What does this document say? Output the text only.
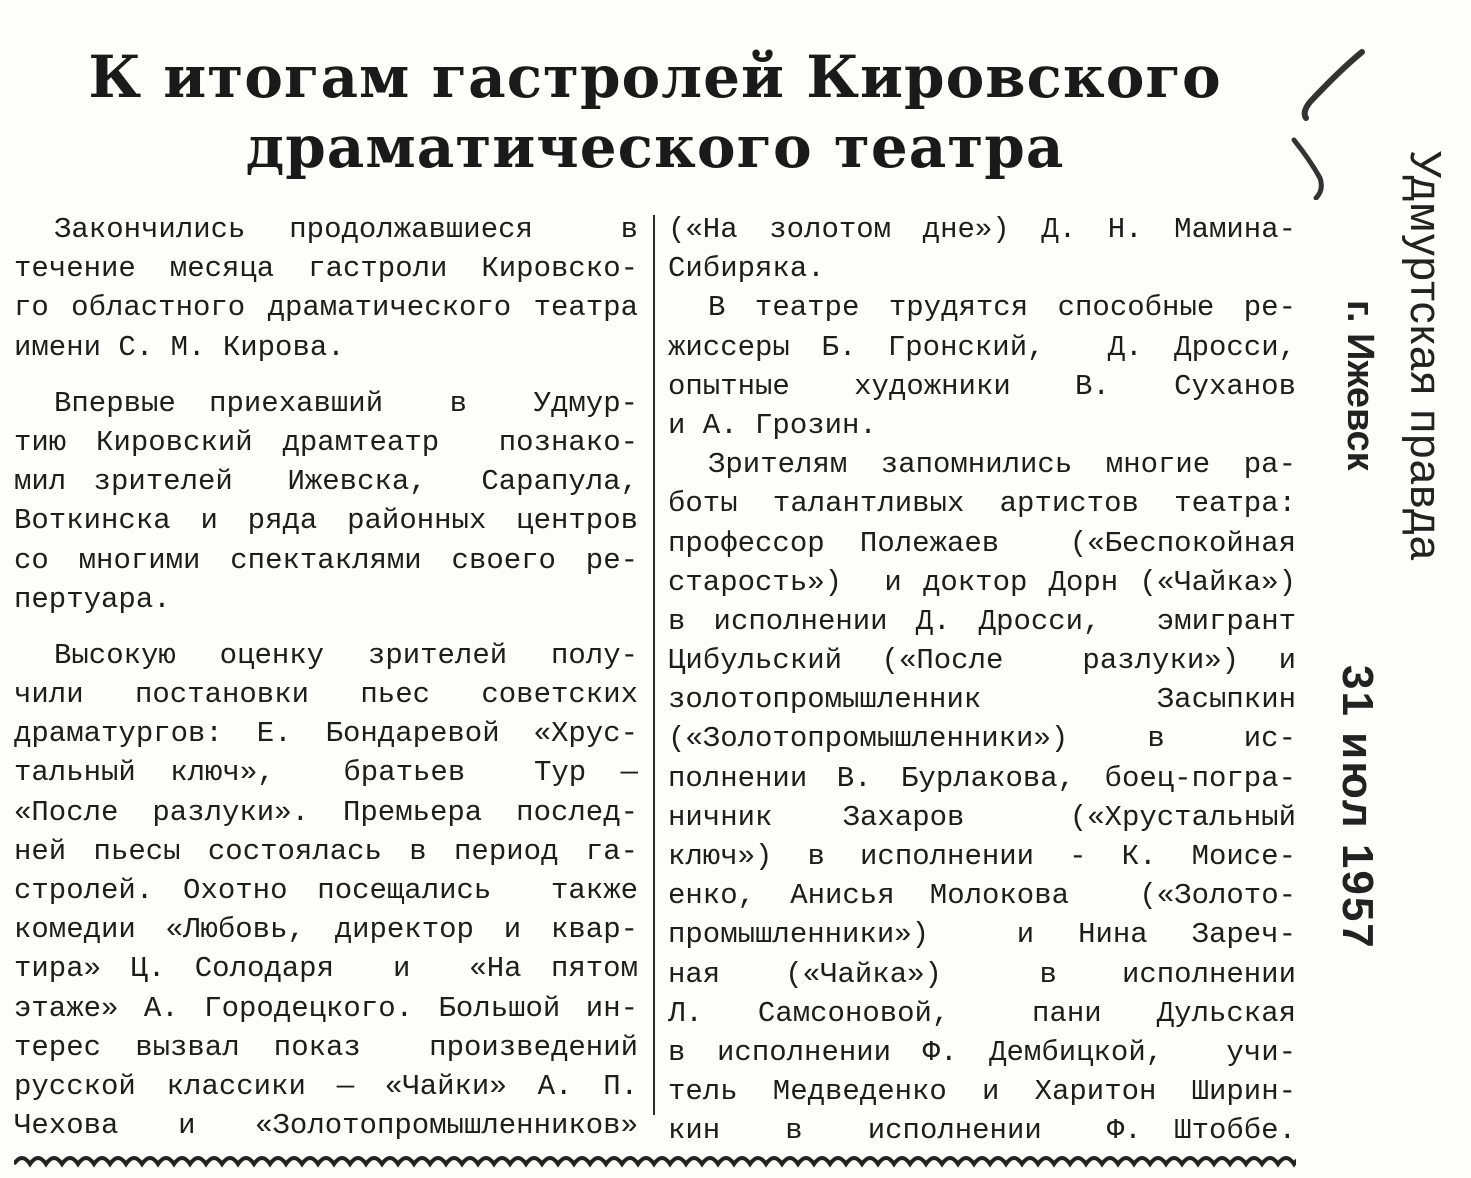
К итогам гастролей Кировского
драматического театра
Закончились продолжавшиеся  в
течение месяца гастроли Кировско-
го областного драматического театра
имени С. М. Кирова.
Впервые приехавший  в  Удмур-
тию Кировский драмтеатр  познако-
мил зрителей  Ижевска,  Сарапула,
Воткинска и ряда районных центров
со многими спектаклями своего ре-
пертуара.
Высокую оценку зрителей полу-
чили  постановки  пьес  советских
драматургов: Е. Бондаревой «Хрус-
тальный ключ»,  братьев  Тур —
«После разлуки». Премьера послед-
ней пьесы состоялась в период га-
стролей. Охотно посещались  также
комедии «Любовь, директор и квар-
тира» Ц. Солодаря  и  «На пятом
этаже» А. Городецкого. Большой ин-
терес вызвал показ  произведений
русской классики — «Чайки» А. П.
Чехова и «Золотопромышленников»
(«На золотом дне») Д. Н. Мамина-
Сибиряка.
В театре трудятся способные ре-
жиссеры Б. Гронский,  Д. Дросси,
опытные  художники  В.  Суханов
и А. Грозин.
Зрителям запомнились многие ра-
боты талантливых артистов театра:
профессор Полежаев  («Беспокойная
старость»)  и доктор Дорн («Чайка»)
в исполнении Д. Дросси,  эмигрант
Цибульский («После  разлуки») и
золотопромышленник      Засыпкин
(«Золотопромышленники»)  в  ис-
полнении В. Бурлакова, боец-погра-
ничник  Захаров   («Хрустальный
ключ») в исполнении - К. Моисе-
енко, Анисья Молокова  («Золото-
промышленники»)  и Нина Зареч-
ная  («Чайка»)   в  исполнении
Л.  Самсоновой,   пани  Дульская
в исполнении Ф. Дембицкой,  учи-
тель Медведенко и Харитон Ширин-
кин  в  исполнении  Ф. Штоббе.
Удмуртская правда
г. Ижевск
31 июл 1957
